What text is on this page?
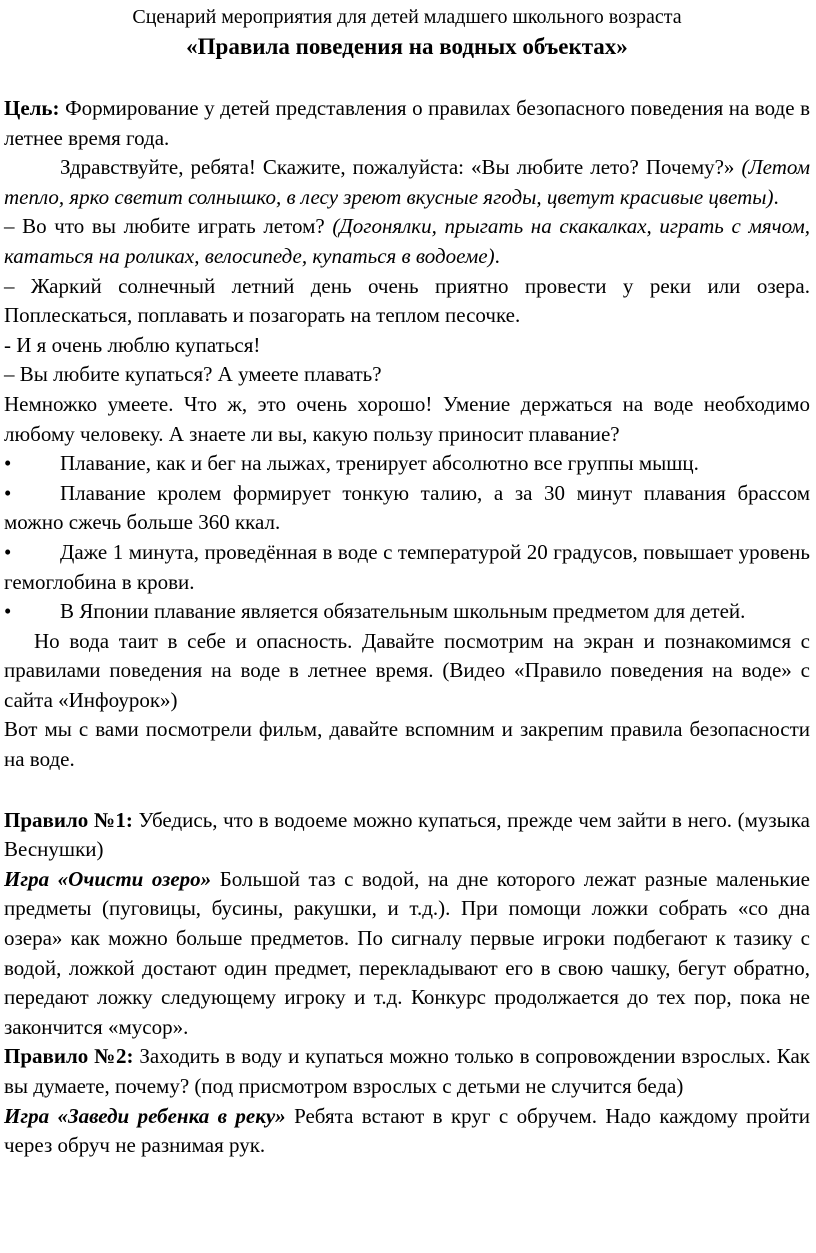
Сценарий мероприятия для детей младшего школьного возраста

«Правила поведения на водных объектах»

Цель: Формирование у детей представления о правилах безопасного поведения на воде в летнее время года.

Здравствуйте, ребята! Скажите, пожалуйста: «Вы любите лето? Почему?» (Летом тепло, ярко светит солнышко, в лесу зреют вкусные ягоды, цветут красивые цветы).

– Во что вы любите играть летом? (Догонялки, прыгать на скакалках, играть с мячом, кататься на роликах, велосипеде, купаться в водоеме).

– Жаркий солнечный летний день очень приятно провести у реки или озера. Поплескаться, поплавать и позагорать на теплом песочке.

- И я очень люблю купаться!

– Вы любите купаться? А умеете плавать?

Немножко умеете. Что ж, это очень хорошо! Умение держаться на воде необходимо любому человеку. А знаете ли вы, какую пользу приносит плавание?

• Плавание, как и бег на лыжах, тренирует абсолютно все группы мышц.

• Плавание кролем формирует тонкую талию, а за 30 минут плавания брассом можно сжечь больше 360 ккал.

• Даже 1 минута, проведённая в воде с температурой 20 градусов, повышает уровень гемоглобина в крови.

• В Японии плавание является обязательным школьным предметом для детей.

Но вода таит в себе и опасность. Давайте посмотрим на экран и познакомимся с правилами поведения на воде в летнее время. (Видео «Правило поведения на воде» с сайта «Инфоурок»)

Вот мы с вами посмотрели фильм, давайте вспомним и закрепим правила безопасности на воде.

Правило №1: Убедись, что в водоеме можно купаться, прежде чем зайти в него. (музыка Веснушки)

Игра «Очисти озеро» Большой таз с водой, на дне которого лежат разные маленькие предметы (пуговицы, бусины, ракушки, и т.д.). При помощи ложки собрать «со дна озера» как можно больше предметов. По сигналу первые игроки подбегают к тазику с водой, ложкой достают один предмет, перекладывают его в свою чашку, бегут обратно, передают ложку следующему игроку и т.д. Конкурс продолжается до тех пор, пока не закончится «мусор».

Правило №2: Заходить в воду и купаться можно только в сопровождении взрослых. Как вы думаете, почему? (под присмотром взрослых с детьми не случится беда)

Игра «Заведи ребенка в реку» Ребята встают в круг с обручем. Надо каждому пройти через обруч не разнимая рук.
